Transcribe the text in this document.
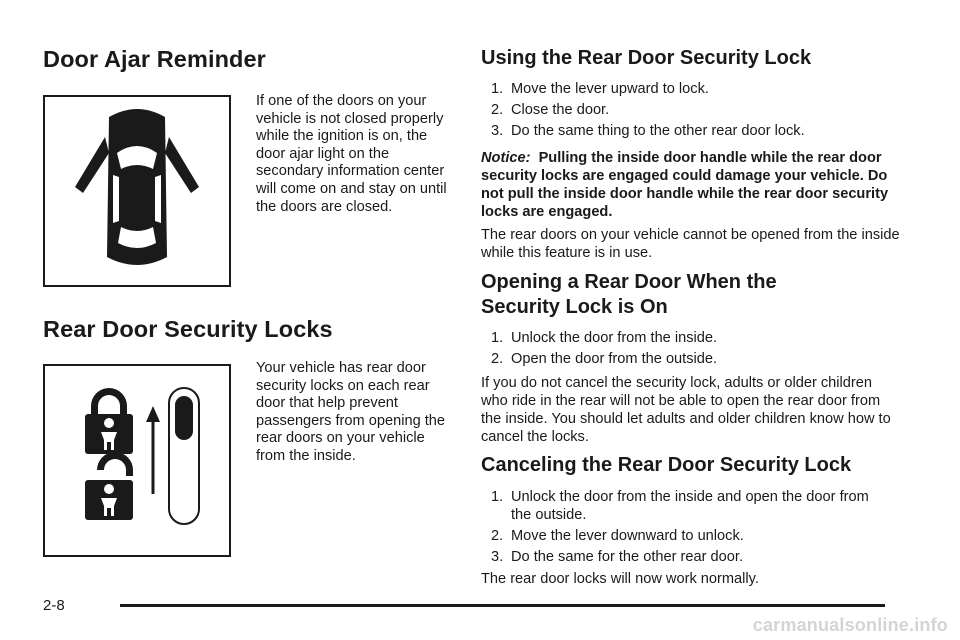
Door Ajar Reminder
If one of the doors on your vehicle is not closed properly while the ignition is on, the door ajar light on the secondary information center will come on and stay on until the doors are closed.
Rear Door Security Locks
Your vehicle has rear door security locks on each rear door that help prevent passengers from opening the rear doors on your vehicle from the inside.
Using the Rear Door Security Lock
1. Move the lever upward to lock.
2. Close the door.
3. Do the same thing to the other rear door lock.

Notice: Pulling the inside door handle while the rear door security locks are engaged could damage your vehicle. Do not pull the inside door handle while the rear door security locks are engaged.

The rear doors on your vehicle cannot be opened from the inside while this feature is in use.

Opening a Rear Door When the
Security Lock is On
1. Unlock the door from the inside.
2. Open the door from the outside.

If you do not cancel the security lock, adults or older children who ride in the rear will not be able to open the rear door from the inside. You should let adults and older children know how to cancel the locks.

Canceling the Rear Door Security Lock
1. Unlock the door from the inside and open the door from the outside.
2. Move the lever downward to unlock.
3. Do the same for the other rear door.

The rear door locks will now work normally.

2-8
carmanualsonline.info
